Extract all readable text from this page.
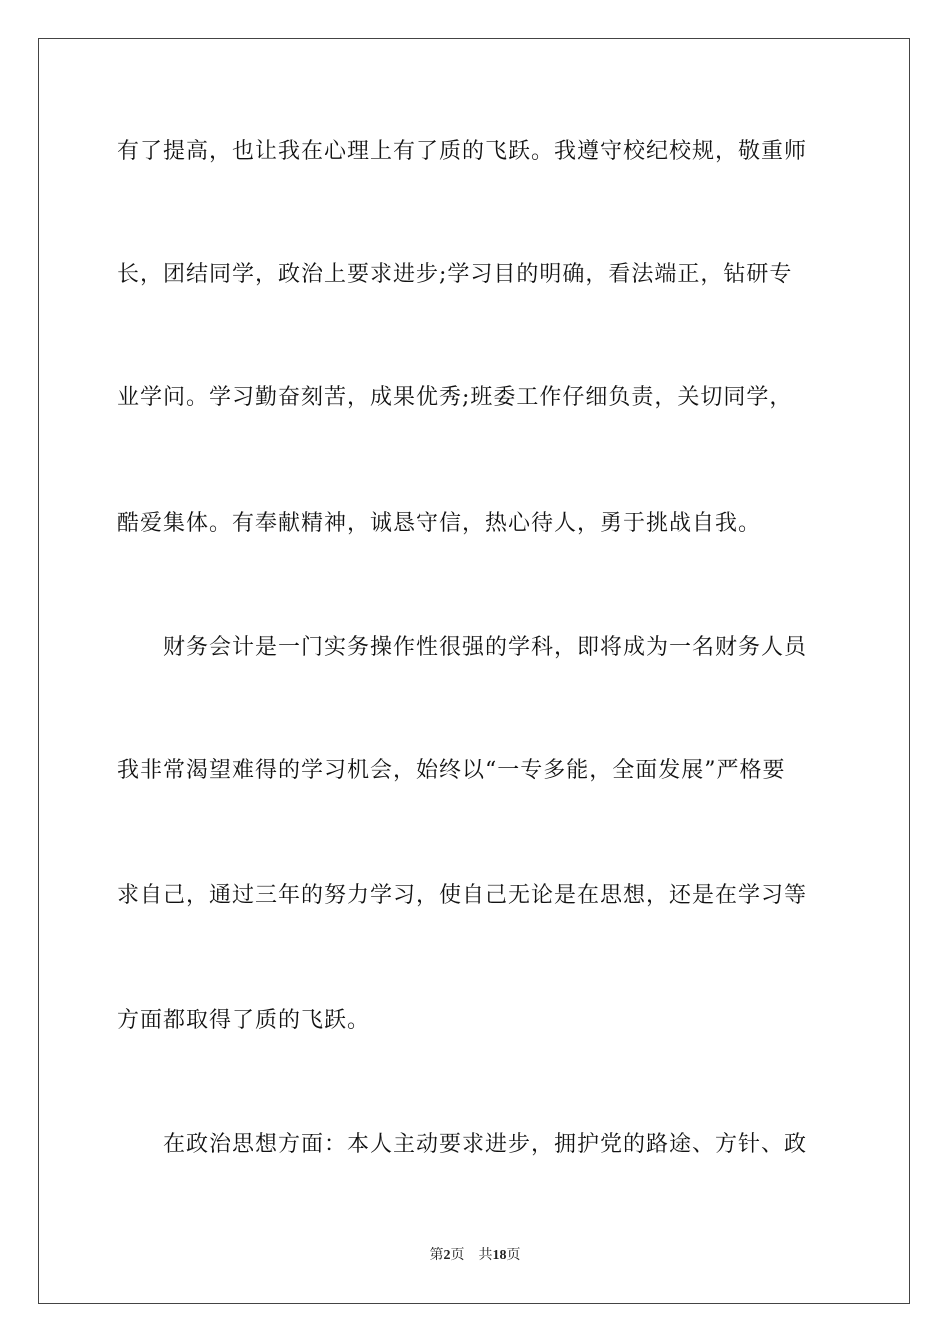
有了提高，也让我在心理上有了质的飞跃。我遵守校纪校规，敬重师
长，团结同学，政治上要求进步;学习目的明确，看法端正，钻研专
业学问。学习勤奋刻苦，成果优秀;班委工作仔细负责，关切同学，
酷爱集体。有奉献精神，诚恳守信，热心待人，勇于挑战自我。
财务会计是一门实务操作性很强的学科，即将成为一名财务人员
我非常渴望难得的学习机会，始终以“一专多能，全面发展”严格要
求自己，通过三年的努力学习，使自己无论是在思想，还是在学习等
方面都取得了质的飞跃。
在政治思想方面：本人主动要求进步，拥护党的路途、方针、政
第2页 共18页
